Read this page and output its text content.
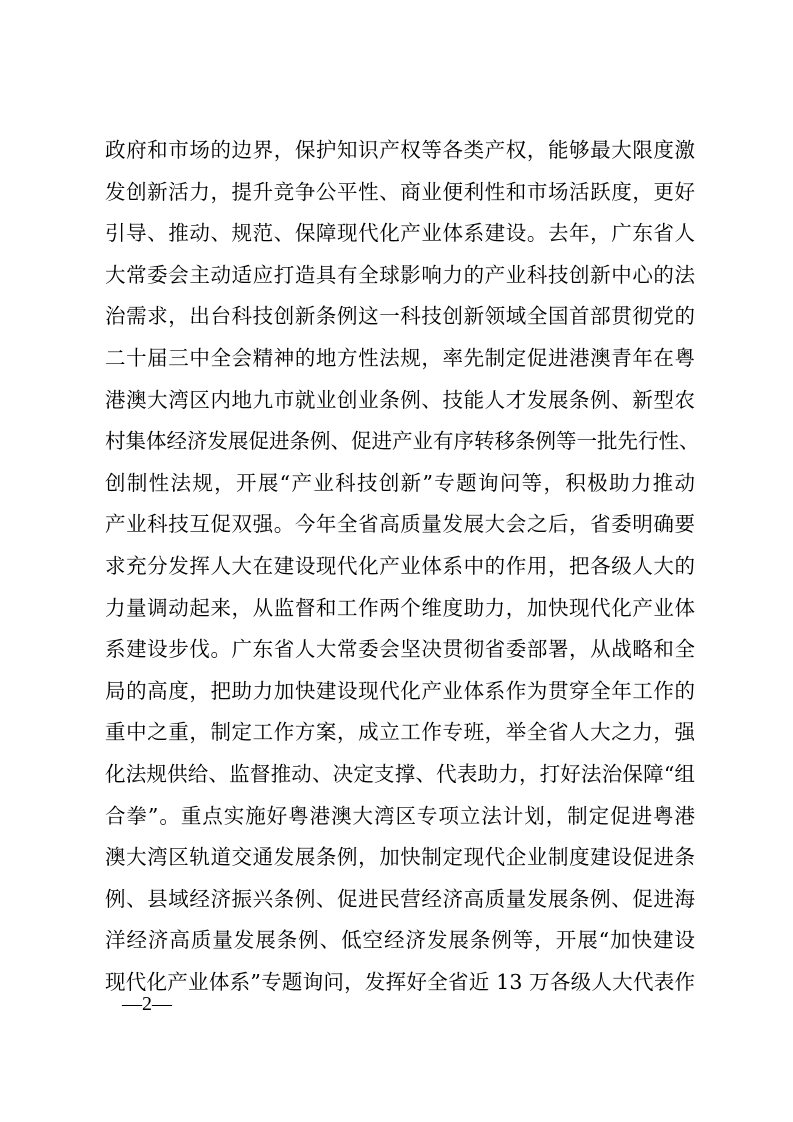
政府和市场的边界，保护知识产权等各类产权，能够最大限度激
发创新活力，提升竞争公平性、商业便利性和市场活跃度，更好
引导、推动、规范、保障现代化产业体系建设。去年，广东省人
大常委会主动适应打造具有全球影响力的产业科技创新中心的法
治需求，出台科技创新条例这一科技创新领域全国首部贯彻党的
二十届三中全会精神的地方性法规，率先制定促进港澳青年在粤
港澳大湾区内地九市就业创业条例、技能人才发展条例、新型农
村集体经济发展促进条例、促进产业有序转移条例等一批先行性、
创制性法规，开展“产业科技创新”专题询问等，积极助力推动
产业科技互促双强。今年全省高质量发展大会之后，省委明确要
求充分发挥人大在建设现代化产业体系中的作用，把各级人大的
力量调动起来，从监督和工作两个维度助力，加快现代化产业体
系建设步伐。广东省人大常委会坚决贯彻省委部署，从战略和全
局的高度，把助力加快建设现代化产业体系作为贯穿全年工作的
重中之重，制定工作方案，成立工作专班，举全省人大之力，强
化法规供给、监督推动、决定支撑、代表助力，打好法治保障“组
合拳”。重点实施好粤港澳大湾区专项立法计划，制定促进粤港
澳大湾区轨道交通发展条例，加快制定现代企业制度建设促进条
例、县域经济振兴条例、促进民营经济高质量发展条例、促进海
洋经济高质量发展条例、低空经济发展条例等，开展“加快建设
现代化产业体系”专题询问，发挥好全省近 13 万各级人大代表作
—2—
